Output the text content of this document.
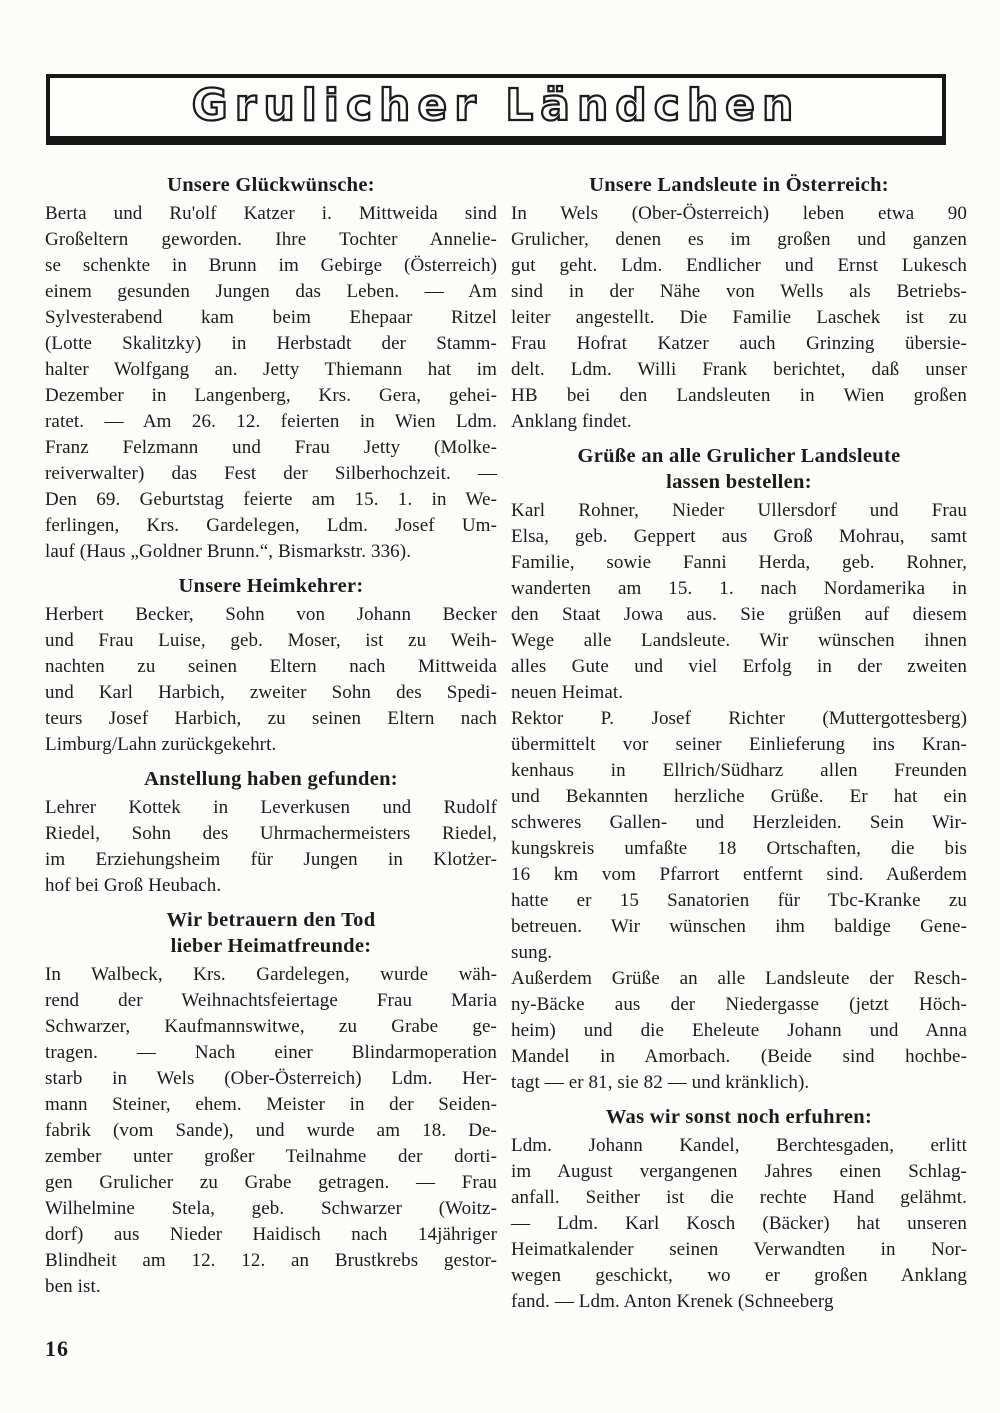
Grulicher Ländchen
Unsere Glückwünsche:
Berta und Ru'olf Katzer i. Mittweida sind
Großeltern geworden. Ihre Tochter Annelie-
se schenkte in Brunn im Gebirge (Österreich)
einem gesunden Jungen das Leben. — Am
Sylvesterabend kam beim Ehepaar Ritzel
(Lotte Skalitzky) in Herbstadt der Stamm-
halter Wolfgang an. Jetty Thiemann hat im
Dezember in Langenberg, Krs. Gera, gehei-
ratet. — Am 26. 12. feierten in Wien Ldm.
Franz Felzmann und Frau Jetty (Molke-
reiverwalter) das Fest der Silberhochzeit. —
Den 69. Geburtstag feierte am 15. 1. in We-
ferlingen, Krs. Gardelegen, Ldm. Josef Um-
lauf (Haus „Goldner Brunn.“, Bismarkstr. 336).
Unsere Heimkehrer:
Herbert Becker, Sohn von Johann Becker
und Frau Luise, geb. Moser, ist zu Weih-
nachten zu seinen Eltern nach Mittweida
und Karl Harbich, zweiter Sohn des Spedi-
teurs Josef Harbich, zu seinen Eltern nach
Limburg/Lahn zurückgekehrt.
Anstellung haben gefunden:
Lehrer Kottek in Leverkusen und Rudolf
Riedel, Sohn des Uhrmachermeisters Riedel,
im Erziehungsheim für Jungen in Klotżer-
hof bei Groß Heubach.
Wir betrauern den Tod
lieber Heimatfreunde:
In Walbeck, Krs. Gardelegen, wurde wäh-
rend der Weihnachtsfeiertage Frau Maria
Schwarzer, Kaufmannswitwe, zu Grabe ge-
tragen. — Nach einer Blindarmoperation
starb in Wels (Ober-Österreich) Ldm. Her-
mann Steiner, ehem. Meister in der Seiden-
fabrik (vom Sande), und wurde am 18. De-
zember unter großer Teilnahme der dorti-
gen Grulicher zu Grabe getragen. — Frau
Wilhelmine Stela, geb. Schwarzer (Woitz-
dorf) aus Nieder Haidisch nach 14jähriger
Blindheit am 12. 12. an Brustkrebs gestor-
ben ist.
Unsere Landsleute in Österreich:
In Wels (Ober-Österreich) leben etwa 90
Grulicher, denen es im großen und ganzen
gut geht. Ldm. Endlicher und Ernst Lukesch
sind in der Nähe von Wells als Betriebs-
leiter angestellt. Die Familie Laschek ist zu
Frau Hofrat Katzer auch Grinzing übersie-
delt. Ldm. Willi Frank berichtet, daß unser
HB bei den Landsleuten in Wien großen
Anklang findet.
Grüße an alle Grulicher Landsleute
lassen bestellen:
Karl Rohner, Nieder Ullersdorf und Frau
Elsa, geb. Geppert aus Groß Mohrau, samt
Familie, sowie Fanni Herda, geb. Rohner,
wanderten am 15. 1. nach Nordamerika in
den Staat Jowa aus. Sie grüßen auf diesem
Wege alle Landsleute. Wir wünschen ihnen
alles Gute und viel Erfolg in der zweiten
neuen Heimat.
Rektor P. Josef Richter (Muttergottesberg)
übermittelt vor seiner Einlieferung ins Kran-
kenhaus in Ellrich/Südharz allen Freunden
und Bekannten herzliche Grüße. Er hat ein
schweres Gallen- und Herzleiden. Sein Wir-
kungskreis umfaßte 18 Ortschaften, die bis
16 km vom Pfarrort entfernt sind. Außerdem
hatte er 15 Sanatorien für Tbc-Kranke zu
betreuen. Wir wünschen ihm baldige Gene-
sung.
Außerdem Grüße an alle Landsleute der Resch-
ny-Bäcke aus der Niedergasse (jetzt Höch-
heim) und die Eheleute Johann und Anna
Mandel in Amorbach. (Beide sind hochbe-
tagt — er 81, sie 82 — und kränklich).
Was wir sonst noch erfuhren:
Ldm. Johann Kandel, Berchtesgaden, erlitt
im August vergangenen Jahres einen Schlag-
anfall. Seither ist die rechte Hand gelähmt.
— Ldm. Karl Kosch (Bäcker) hat unseren
Heimatkalender seinen Verwandten in Nor-
wegen geschickt, wo er großen Anklang
fand. — Ldm. Anton Krenek (Schneeberg
16
